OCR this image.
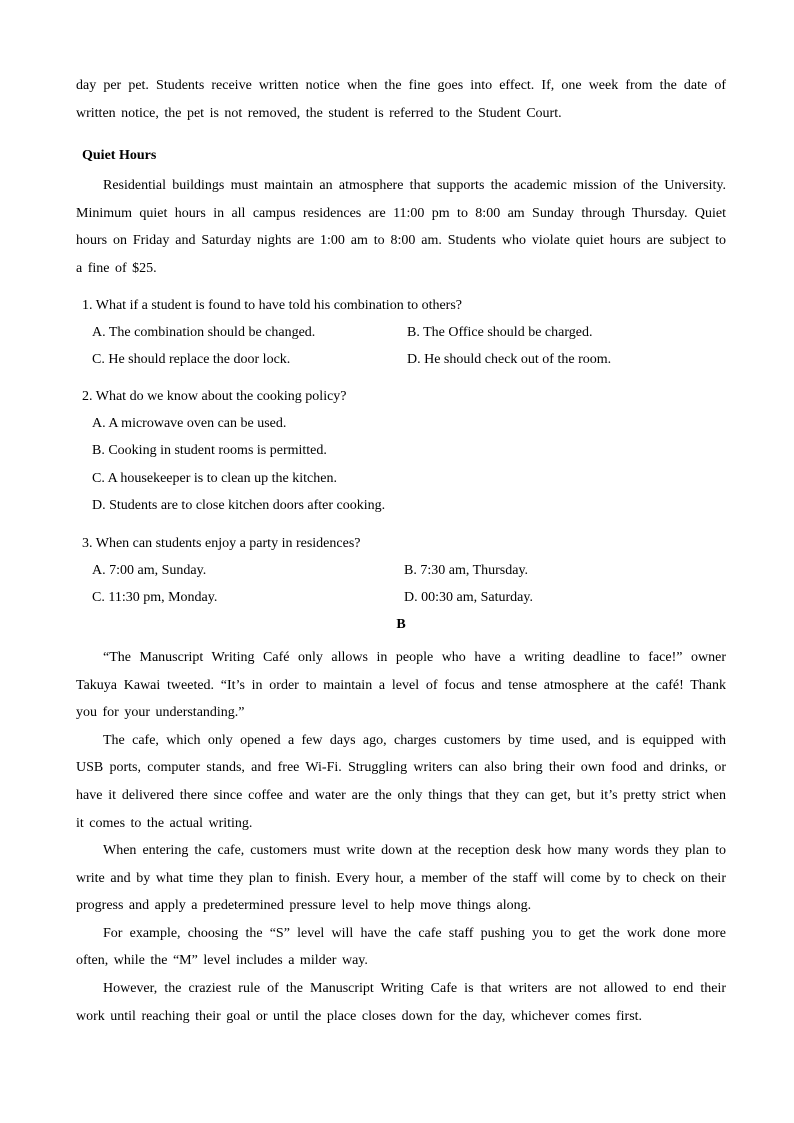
day per pet. Students receive written notice when the fine goes into effect. If, one week from the date of written notice, the pet is not removed, the student is referred to the Student Court.

Quiet Hours

Residential buildings must maintain an atmosphere that supports the academic mission of the University. Minimum quiet hours in all campus residences are 11:00 pm to 8:00 am Sunday through Thursday. Quiet hours on Friday and Saturday nights are 1:00 am to 8:00 am. Students who violate quiet hours are subject to a fine of $25.

1. What if a student is found to have told his combination to others?
A. The combination should be changed.	B. The Office should be charged.
C. He should replace the door lock.	D. He should check out of the room.
2. What do we know about the cooking policy?
A. A microwave oven can be used.
B. Cooking in student rooms is permitted.
C. A housekeeper is to clean up the kitchen.
D. Students are to close kitchen doors after cooking.
3. When can students enjoy a party in residences?
A. 7:00 am, Sunday.	B. 7:30 am, Thursday.
C. 11:30 pm, Monday.	D. 00:30 am, Saturday.
B

“The Manuscript Writing Café only allows in people who have a writing deadline to face!” owner Takuya Kawai tweeted. “It’s in order to maintain a level of focus and tense atmosphere at the café! Thank you for your understanding.”

The cafe, which only opened a few days ago, charges customers by time used, and is equipped with USB ports, computer stands, and free Wi-Fi. Struggling writers can also bring their own food and drinks, or have it delivered there since coffee and water are the only things that they can get, but it’s pretty strict when it comes to the actual writing.

When entering the cafe, customers must write down at the reception desk how many words they plan to write and by what time they plan to finish. Every hour, a member of the staff will come by to check on their progress and apply a predetermined pressure level to help move things along.

For example, choosing the “S” level will have the cafe staff pushing you to get the work done more often, while the “M” level includes a milder way.

However, the craziest rule of the Manuscript Writing Cafe is that writers are not allowed to end their work until reaching their goal or until the place closes down for the day, whichever comes first.
